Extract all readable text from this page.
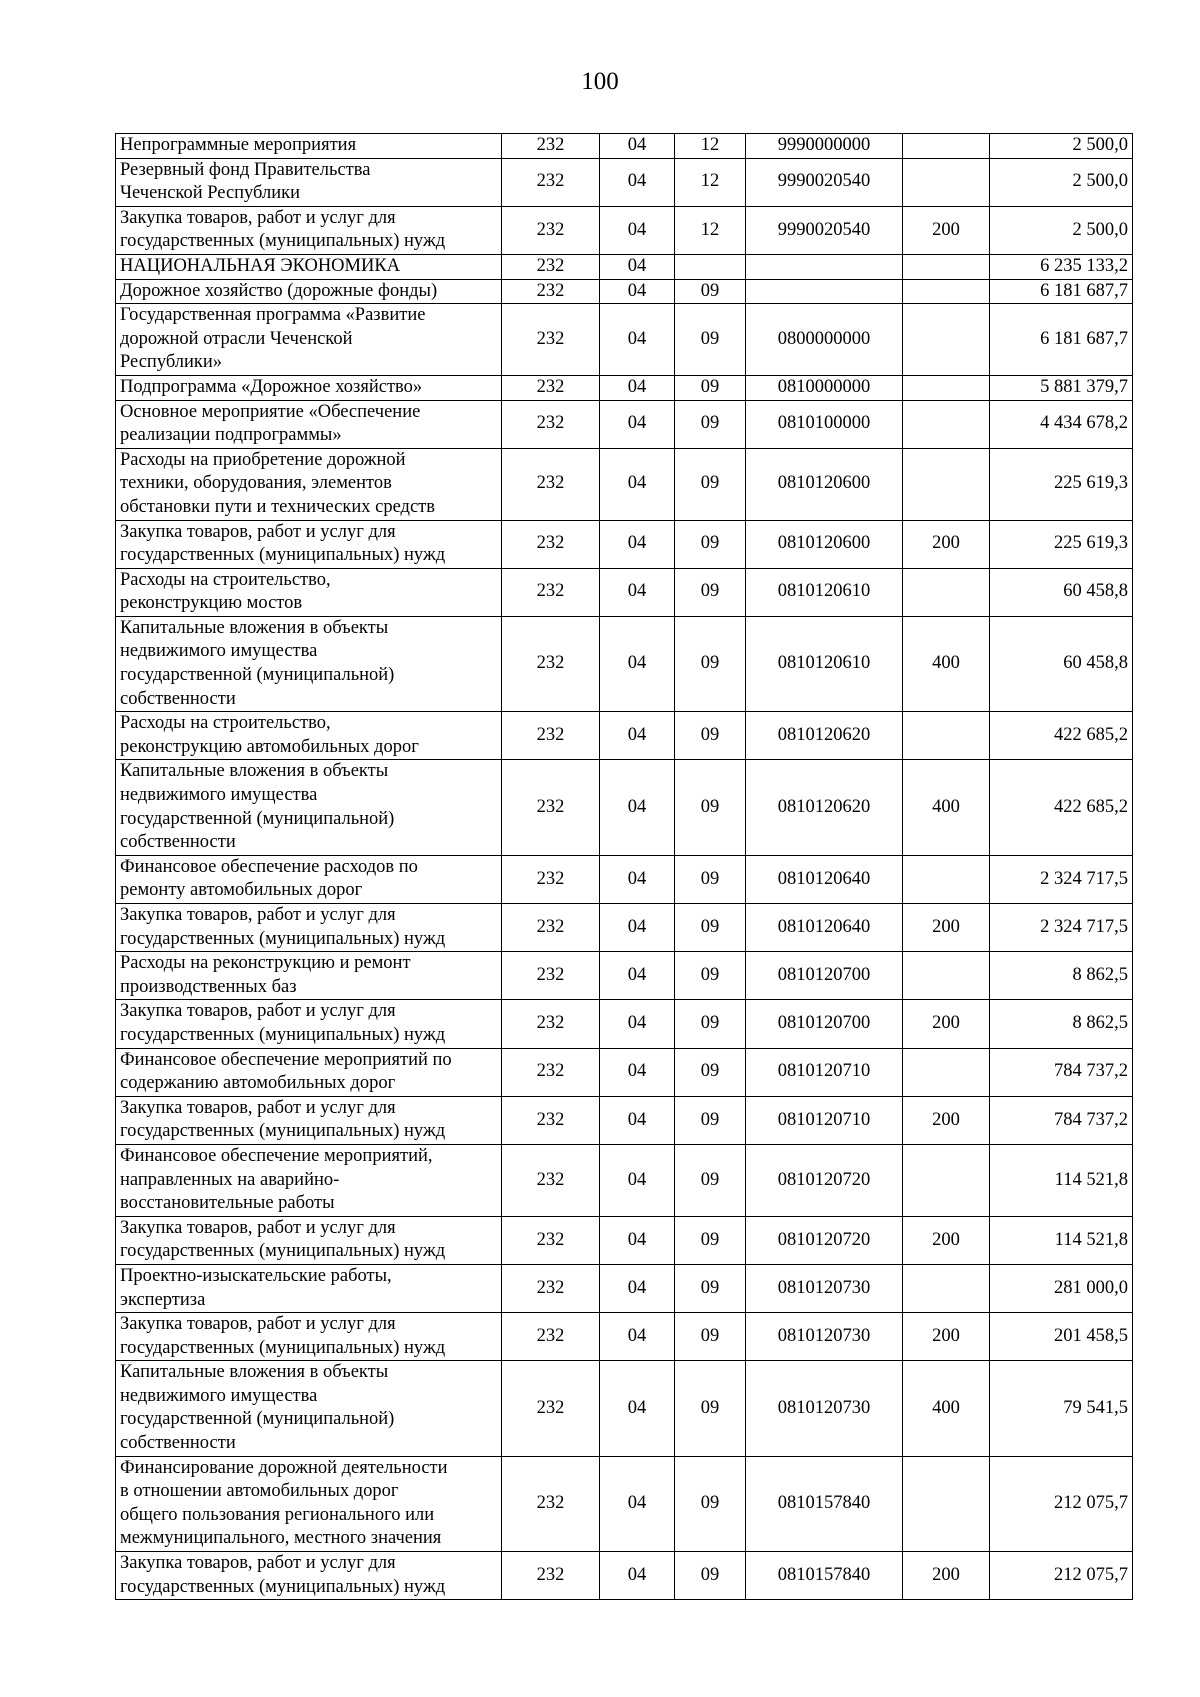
100
Непрограммные мероприятия	232	04	12	9990000000		2 500,0

Резервный фонд Правительства
Чеченской Республики	232	04	12	9990020540		2 500,0

Закупка товаров, работ и услуг для
государственных (муниципальных) нужд	232	04	12	9990020540	200	2 500,0

НАЦИОНАЛЬНАЯ ЭКОНОМИКА	232	04				6 235 133,2

Дорожное хозяйство (дорожные фонды)	232	04	09			6 181 687,7

Государственная программа «Развитие
дорожной отрасли Чеченской
Республики»	232	04	09	0800000000		6 181 687,7

Подпрограмма «Дорожное хозяйство»	232	04	09	0810000000		5 881 379,7

Основное мероприятие «Обеспечение
реализации подпрограммы»	232	04	09	0810100000		4 434 678,2

Расходы на приобретение дорожной
техники, оборудования, элементов
обстановки пути и технических средств	232	04	09	0810120600		225 619,3

Закупка товаров, работ и услуг для
государственных (муниципальных) нужд	232	04	09	0810120600	200	225 619,3

Расходы на строительство,
реконструкцию мостов	232	04	09	0810120610		60 458,8

Капитальные вложения в объекты
недвижимого имущества
государственной (муниципальной)
собственности	232	04	09	0810120610	400	60 458,8

Расходы на строительство,
реконструкцию автомобильных дорог	232	04	09	0810120620		422 685,2

Капитальные вложения в объекты
недвижимого имущества
государственной (муниципальной)
собственности	232	04	09	0810120620	400	422 685,2

Финансовое обеспечение расходов по
ремонту автомобильных дорог	232	04	09	0810120640		2 324 717,5

Закупка товаров, работ и услуг для
государственных (муниципальных) нужд	232	04	09	0810120640	200	2 324 717,5

Расходы на реконструкцию и ремонт
производственных баз	232	04	09	0810120700		8 862,5

Закупка товаров, работ и услуг для
государственных (муниципальных) нужд	232	04	09	0810120700	200	8 862,5

Финансовое обеспечение мероприятий по
содержанию автомобильных дорог	232	04	09	0810120710		784 737,2

Закупка товаров, работ и услуг для
государственных (муниципальных) нужд	232	04	09	0810120710	200	784 737,2

Финансовое обеспечение мероприятий,
направленных на аварийно-
восстановительные работы	232	04	09	0810120720		114 521,8

Закупка товаров, работ и услуг для
государственных (муниципальных) нужд	232	04	09	0810120720	200	114 521,8

Проектно-изыскательские работы,
экспертиза	232	04	09	0810120730		281 000,0

Закупка товаров, работ и услуг для
государственных (муниципальных) нужд	232	04	09	0810120730	200	201 458,5

Капитальные вложения в объекты
недвижимого имущества
государственной (муниципальной)
собственности	232	04	09	0810120730	400	79 541,5

Финансирование дорожной деятельности
в отношении автомобильных дорог
общего пользования регионального или
межмуниципального, местного значения	232	04	09	0810157840		212 075,7

Закупка товаров, работ и услуг для
государственных (муниципальных) нужд	232	04	09	0810157840	200	212 075,7
